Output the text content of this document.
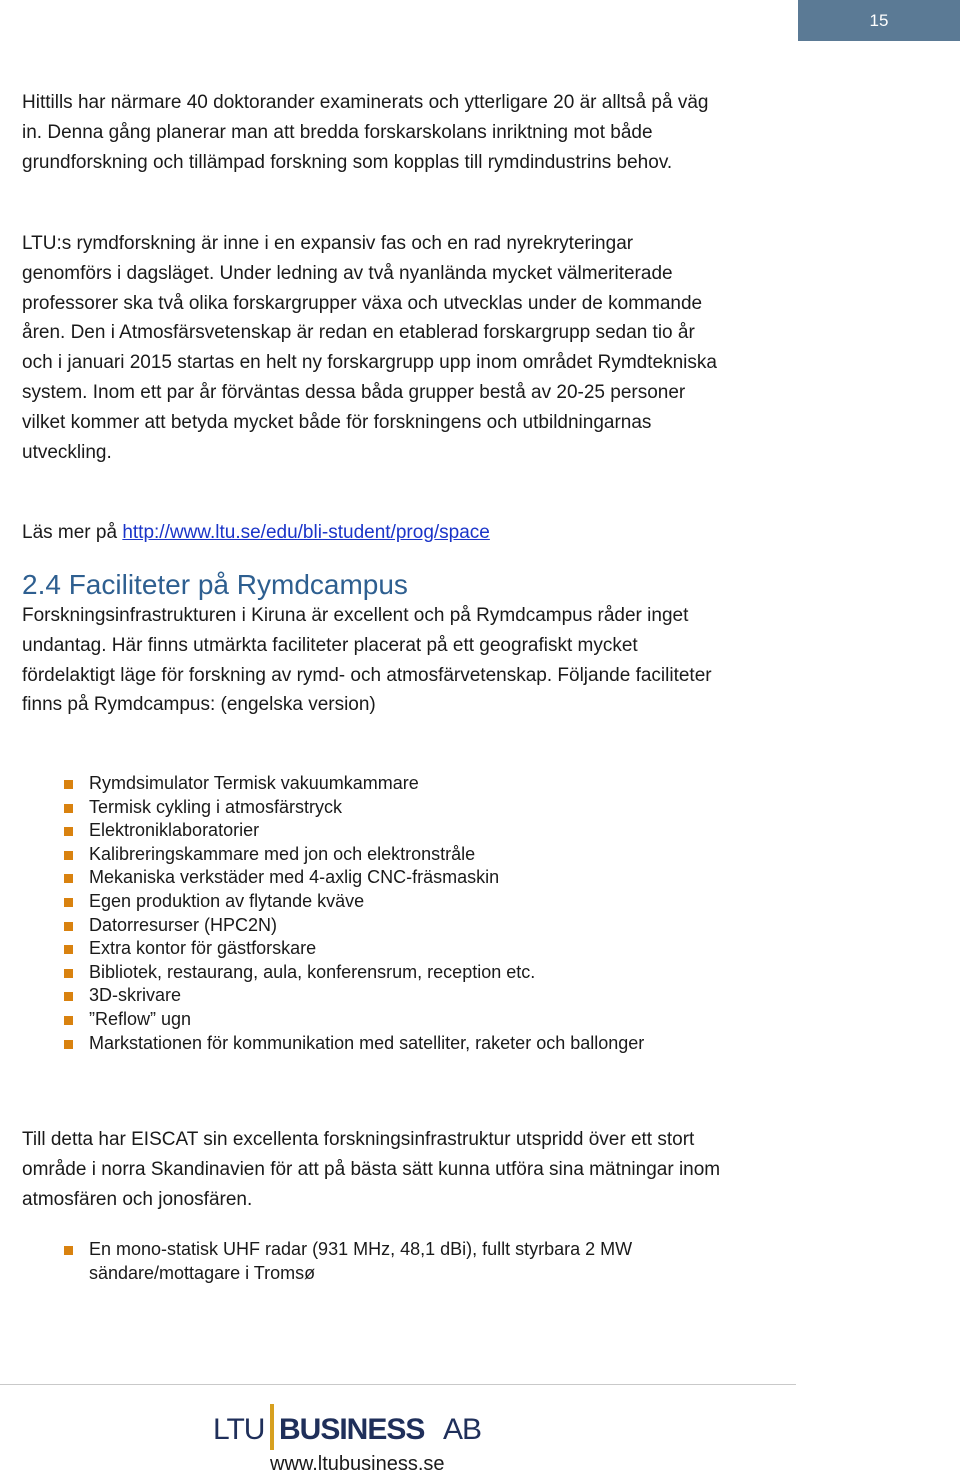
15

Hittills har närmare 40 doktorander examinerats och ytterligare 20 är alltså på väg in. Denna gång planerar man att bredda forskarskolans inriktning mot både grundforskning och tillämpad forskning som kopplas till rymdindustrins behov.

LTU:s rymdforskning är inne i en expansiv fas och en rad nyrekryteringar genomförs i dagsläget. Under ledning av två nyanlända mycket välmeriterade professorer ska två olika forskargrupper växa och utvecklas under de kommande åren. Den i Atmosfärsvetenskap är redan en etablerad forskargrupp sedan tio år och i januari 2015 startas en helt ny forskargrupp upp inom området Rymdtekniska system. Inom ett par år förväntas dessa båda grupper bestå av 20-25 personer vilket kommer att betyda mycket både för forskningens och utbildningarnas utveckling.

Läs mer på http://www.ltu.se/edu/bli-student/prog/space

2.4 Faciliteter på Rymdcampus

Forskningsinfrastrukturen i Kiruna är excellent och på Rymdcampus råder inget undantag. Här finns utmärkta faciliteter placerat på ett geografiskt mycket fördelaktigt läge för forskning av rymd- och atmosfärvetenskap. Följande faciliteter finns på Rymdcampus: (engelska version)

Rymdsimulator Termisk vakuumkammare
Termisk cykling i atmosfärstryck
Elektroniklaboratorier
Kalibreringskammare med jon och elektronstråle
Mekaniska verkstäder med 4-axlig CNC-fräsmaskin
Egen produktion av flytande kväve
Datorresurser (HPC2N)
Extra kontor för gästforskare
Bibliotek, restaurang, aula, konferensrum, reception etc.
3D-skrivare
”Reflow” ugn
Markstationen för kommunikation med satelliter, raketer och ballonger

Till detta har EISCAT sin excellenta forskningsinfrastruktur utspridd över ett stort område i norra Skandinavien för att på bästa sätt kunna utföra sina mätningar inom atmosfären och jonosfären.

En mono-statisk UHF radar (931 MHz, 48,1 dBi), fullt styrbara 2 MW sändare/mottagare i Tromsø
LTU BUSINESS AB
www.ltubusiness.se
